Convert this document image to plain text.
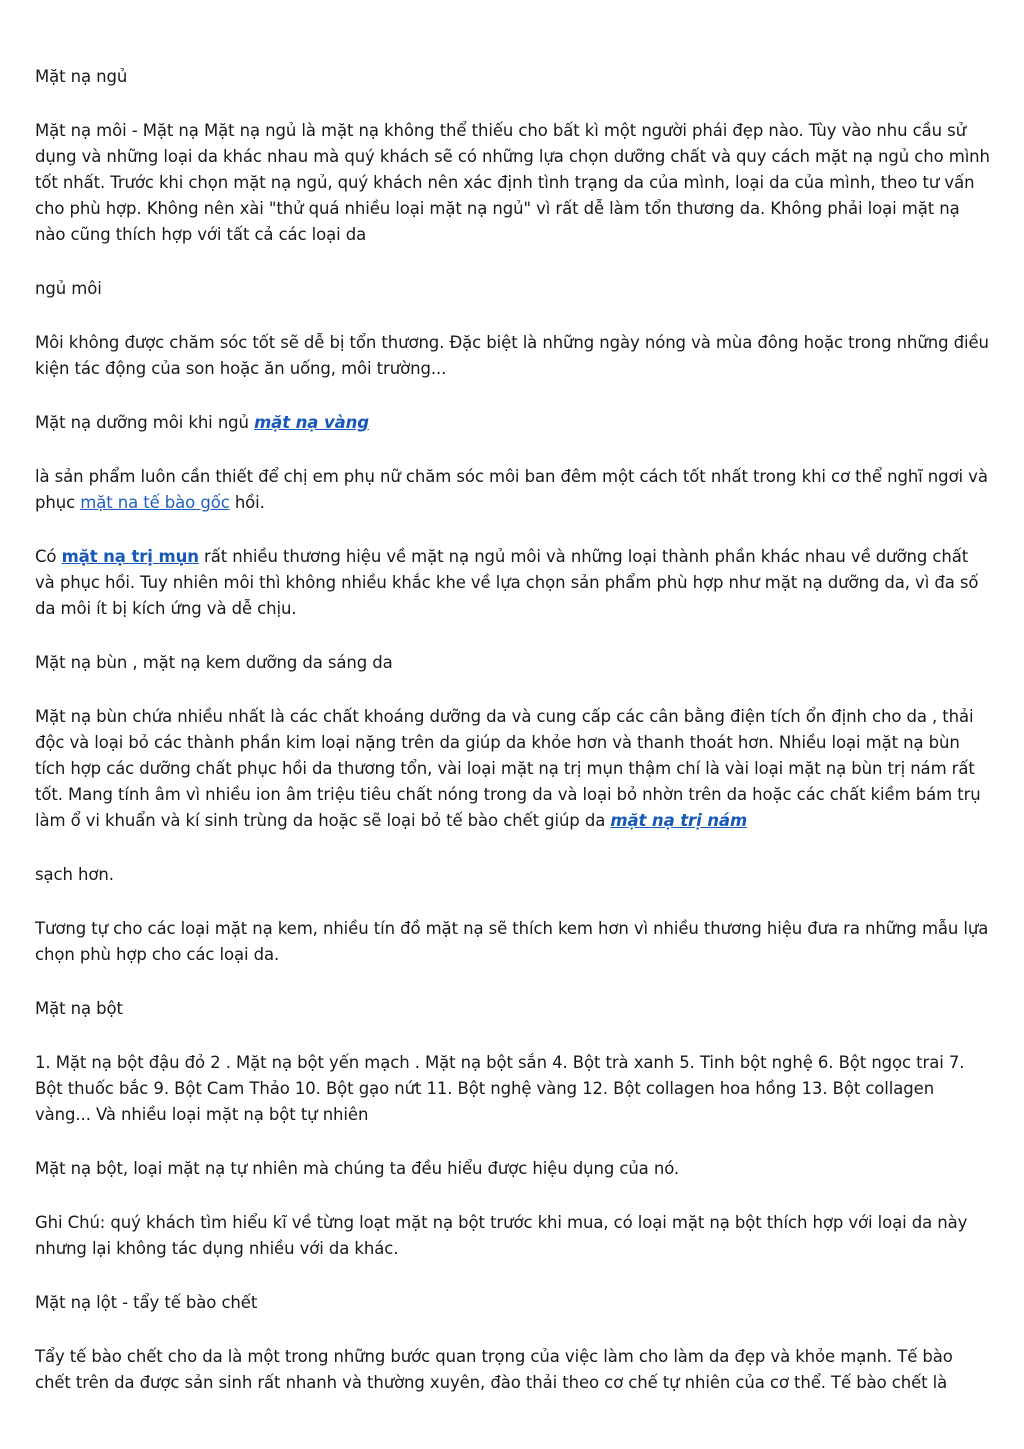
Mặt nạ ngủ

Mặt nạ môi - Mặt nạ Mặt nạ ngủ là mặt nạ không thể thiếu cho bất kì một người phái đẹp nào. Tùy vào nhu cầu sử dụng và những loại da khác nhau mà quý khách sẽ có những lựa chọn dưỡng chất và quy cách mặt nạ ngủ cho mình tốt nhất. Trước khi chọn mặt nạ ngủ, quý khách nên xác định tình trạng da của mình, loại da của mình, theo tư vấn cho phù hợp. Không nên xài "thử quá nhiều loại mặt nạ ngủ" vì rất dễ làm tổn thương da. Không phải loại mặt nạ nào cũng thích hợp với tất cả các loại da

ngủ môi

Môi không được chăm sóc tốt sẽ dễ bị tổn thương. Đặc biệt là những ngày nóng và mùa đông hoặc trong những điều kiện tác động của son hoặc ăn uống, môi trường...

Mặt nạ dưỡng môi khi ngủ mặt nạ vàng

là sản phẩm luôn cần thiết để chị em phụ nữ chăm sóc môi ban đêm một cách tốt nhất trong khi cơ thể nghĩ ngơi và phục mặt na tế bào gốc hồi.

Có mặt nạ trị mụn rất nhiều thương hiệu về mặt nạ ngủ môi và những loại thành phần khác nhau về dưỡng chất và phục hồi. Tuy nhiên môi thì không nhiều khắc khe về lựa chọn sản phẩm phù hợp như mặt nạ dưỡng da, vì đa số da môi ít bị kích ứng và dễ chịu.

Mặt nạ bùn , mặt nạ kem dưỡng da sáng da

Mặt nạ bùn chứa nhiều nhất là các chất khoáng dưỡng da và cung cấp các cân bằng điện tích ổn định cho da , thải độc và loại bỏ các thành phần kim loại nặng trên da giúp da khỏe hơn và thanh thoát hơn. Nhiều loại mặt nạ bùn tích hợp các dưỡng chất phục hồi da thương tổn, vài loại mặt nạ trị mụn thậm chí là vài loại mặt nạ bùn trị nám rất tốt. Mang tính âm vì nhiều ion âm triệu tiêu chất nóng trong da và loại bỏ nhờn trên da hoặc các chất kiềm bám trụ làm ổ vi khuẩn và kí sinh trùng da hoặc sẽ loại bỏ tế bào chết giúp da mặt nạ trị nám

sạch hơn.

Tương tự cho các loại mặt nạ kem, nhiều tín đồ mặt nạ sẽ thích kem hơn vì nhiều thương hiệu đưa ra những mẫu lựa chọn phù hợp cho các loại da.

Mặt nạ bột

1. Mặt nạ bột đậu đỏ 2 . Mặt nạ bột yến mạch . Mặt nạ bột sắn 4. Bột trà xanh 5. Tinh bột nghệ 6. Bột ngọc trai 7. Bột thuốc bắc 9. Bột Cam Thảo 10. Bột gạo nứt 11. Bột nghệ vàng 12. Bột collagen hoa hồng 13. Bột collagen vàng... Và nhiều loại mặt nạ bột tự nhiên

Mặt nạ bột, loại mặt nạ tự nhiên mà chúng ta đều hiểu được hiệu dụng của nó.

Ghi Chú: quý khách tìm hiểu kĩ về từng loạt mặt nạ bột trước khi mua, có loại mặt nạ bột thích hợp với loại da này nhưng lại không tác dụng nhiều với da khác.

Mặt nạ lột - tẩy tế bào chết

Tẩy tế bào chết cho da là một trong những bước quan trọng của việc làm cho làm da đẹp và khỏe mạnh. Tế bào chết trên da được sản sinh rất nhanh và thường xuyên, đào thải theo cơ chế tự nhiên của cơ thể. Tế bào chết là
